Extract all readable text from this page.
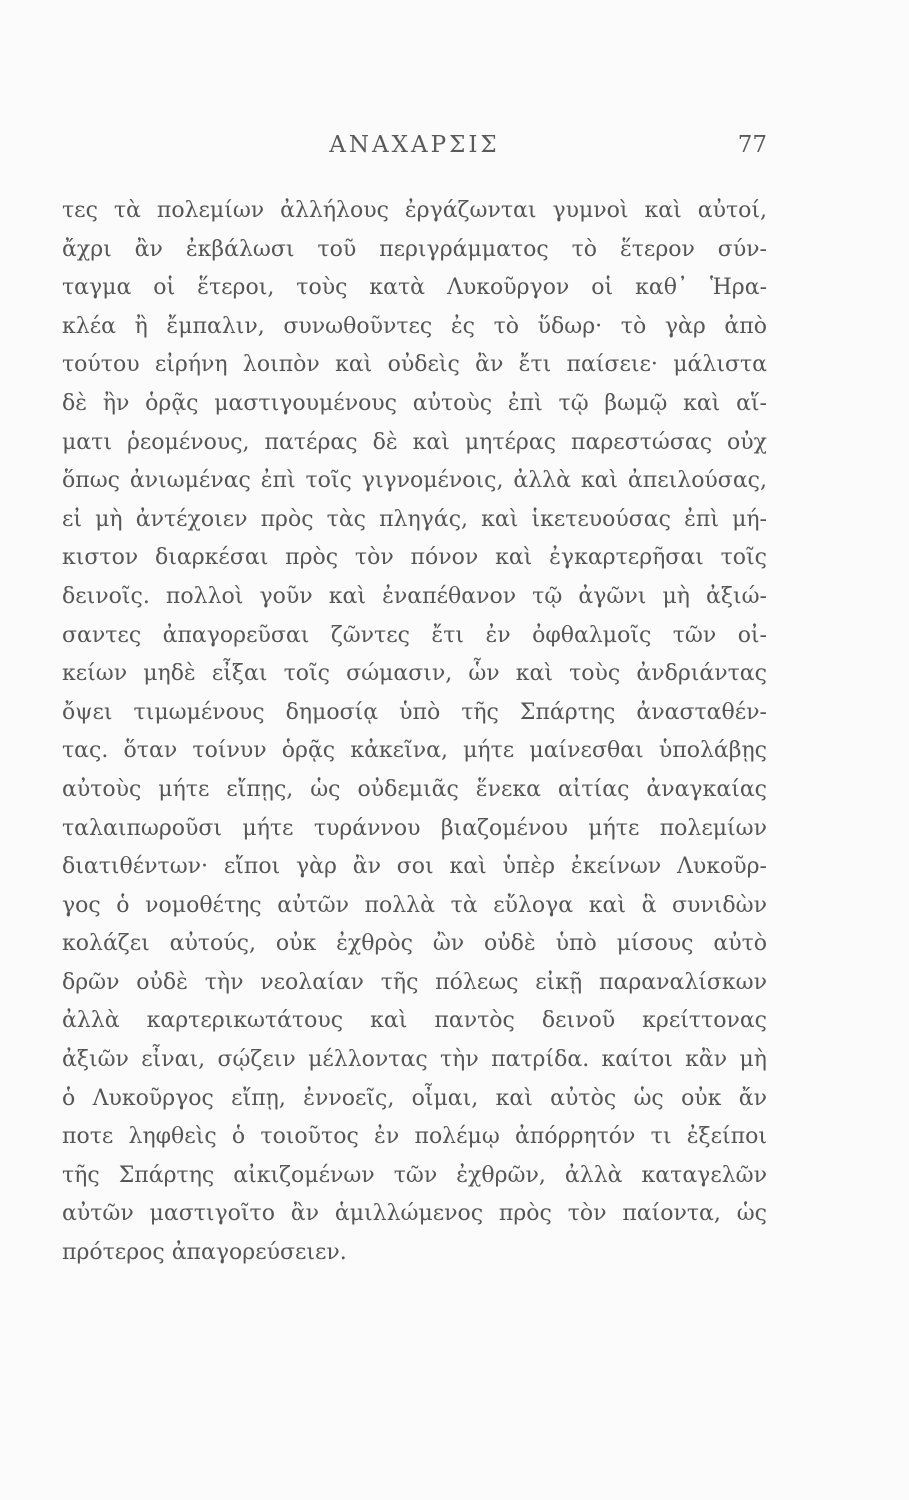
ΑΝΑΧΑΡΣΙΣ	77
τες τὰ πολεμίων ἀλλήλους ἐργάζωνται γυμνοὶ καὶ αὐτοί,
ἄχρι ἂν ἐκβάλωσι τοῦ περιγράμματος τὸ ἕτερον σύν-
ταγμα οἱ ἕτεροι, τοὺς κατὰ Λυκοῦργον οἱ καθ᾽ Ἡρα-
κλέα ἢ ἔμπαλιν, συνωθοῦντες ἐς τὸ ὕδωρ· τὸ γὰρ ἀπὸ
τούτου εἰρήνη λοιπὸν καὶ οὐδεὶς ἂν ἔτι παίσειε· μάλιστα
δὲ ἢν ὁρᾷς μαστιγουμένους αὐτοὺς ἐπὶ τῷ βωμῷ καὶ αἵ-
ματι ῥεομένους, πατέρας δὲ καὶ μητέρας παρεστώσας οὐχ
ὅπως ἀνιωμένας ἐπὶ τοῖς γιγνομένοις, ἀλλὰ καὶ ἀπειλούσας,
εἰ μὴ ἀντέχοιεν πρὸς τὰς πληγάς, καὶ ἱκετευούσας ἐπὶ μή-
κιστον διαρκέσαι πρὸς τὸν πόνον καὶ ἐγκαρτερῆσαι τοῖς
δεινοῖς. πολλοὶ γοῦν καὶ ἐναπέθανον τῷ ἀγῶνι μὴ ἀξιώ-
σαντες ἀπαγορεῦσαι ζῶντες ἔτι ἐν ὀφθαλμοῖς τῶν οἰ-
κείων μηδὲ εἶξαι τοῖς σώμασιν, ὧν καὶ τοὺς ἀνδριάντας
ὄψει τιμωμένους δημοσίᾳ ὑπὸ τῆς Σπάρτης ἀνασταθέν-
τας. ὅταν τοίνυν ὁρᾷς κἀκεῖνα, μήτε μαίνεσθαι ὑπολάβῃς
αὐτοὺς μήτε εἴπῃς, ὡς οὐδεμιᾶς ἕνεκα αἰτίας ἀναγκαίας
ταλαιπωροῦσι μήτε τυράννου βιαζομένου μήτε πολεμίων
διατιθέντων· εἴποι γὰρ ἂν σοι καὶ ὑπὲρ ἐκείνων Λυκοῦρ-
γος ὁ νομοθέτης αὐτῶν πολλὰ τὰ εὔλογα καὶ ἃ συνιδὼν
κολάζει αὐτούς, οὐκ ἐχθρὸς ὢν οὐδὲ ὑπὸ μίσους αὐτὸ
δρῶν οὐδὲ τὴν νεολαίαν τῆς πόλεως εἰκῇ παραναλίσκων
ἀλλὰ καρτερικωτάτους καὶ παντὸς δεινοῦ κρείττονας
ἀξιῶν εἶναι, σῴζειν μέλλοντας τὴν πατρίδα. καίτοι κἂν μὴ
ὁ Λυκοῦργος εἴπῃ, ἐννοεῖς, οἶμαι, καὶ αὐτὸς ὡς οὐκ ἄν
ποτε ληφθεὶς ὁ τοιοῦτος ἐν πολέμῳ ἀπόρρητόν τι ἐξείποι
τῆς Σπάρτης αἰκιζομένων τῶν ἐχθρῶν, ἀλλὰ καταγελῶν
αὐτῶν μαστιγοῖτο ἂν ἁμιλλώμενος πρὸς τὸν παίοντα, ὡς
πρότερος ἀπαγορεύσειεν.
